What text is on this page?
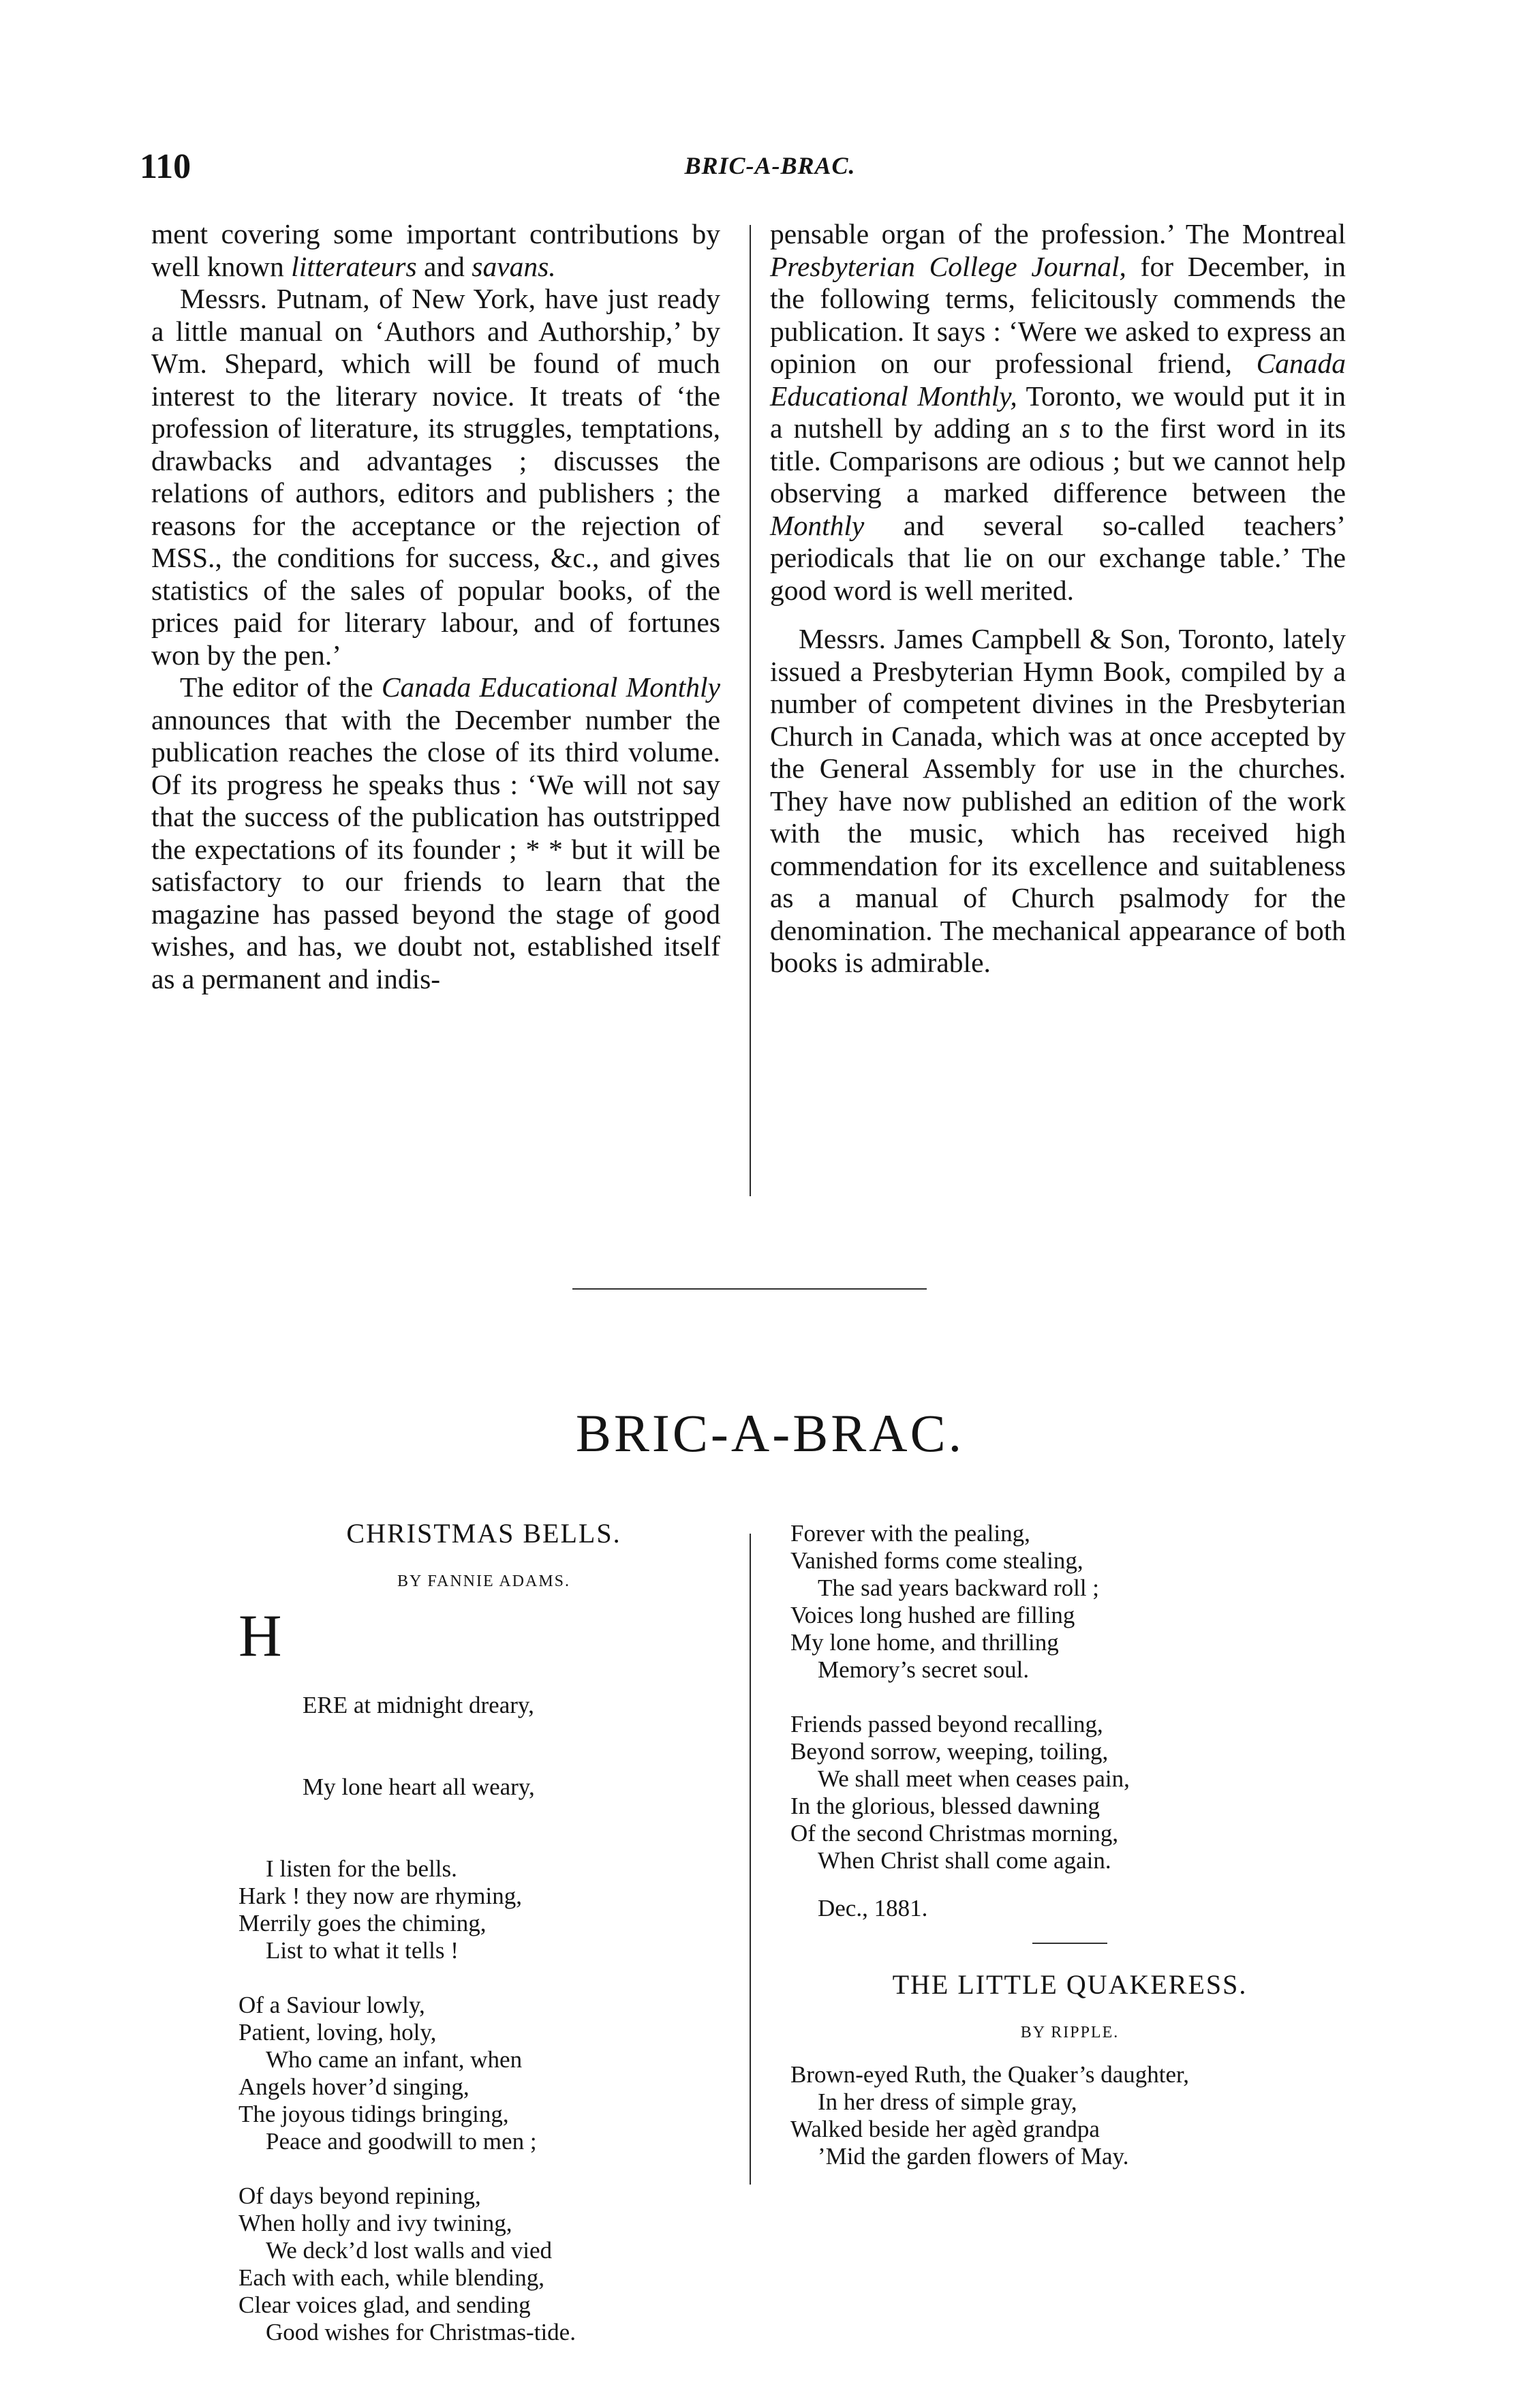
110	BRIC-A-BRAC.

ment covering some important contributions by well known litterateurs and savans.

Messrs. Putnam, of New York, have just ready a little manual on ‘Authors and Authorship,’ by Wm. Shepard, which will be found of much interest to the literary novice. It treats of ‘the profession of literature, its struggles, temptations, drawbacks and advantages ; discusses the relations of authors, editors and publishers ; the reasons for the acceptance or the rejection of MSS., the conditions for success, &c., and gives statistics of the sales of popular books, of the prices paid for literary labour, and of fortunes won by the pen.’

The editor of the Canada Educational Monthly announces that with the December number the publication reaches the close of its third volume. Of its progress he speaks thus : ‘We will not say that the success of the publication has outstripped the expectations of its founder ; * * but it will be satisfactory to our friends to learn that the magazine has passed beyond the stage of good wishes, and has, we doubt not, established itself as a permanent and indis-

pensable organ of the profession.’ The Montreal Presbyterian College Journal, for December, in the following terms, felicitously commends the publication. It says : ‘Were we asked to express an opinion on our professional friend, Canada Educational Monthly, Toronto, we would put it in a nutshell by adding an s to the first word in its title. Comparisons are odious ; but we cannot help observing a marked difference between the Monthly and several so-called teachers’ periodicals that lie on our exchange table.’ The good word is well merited.

Messrs. James Campbell & Son, Toronto, lately issued a Presbyterian Hymn Book, compiled by a number of competent divines in the Presbyterian Church in Canada, which was at once accepted by the General Assembly for use in the churches. They have now published an edition of the work with the music, which has received high commendation for its excellence and suitableness as a manual of Church psalmody for the denomination. The mechanical appearance of both books is admirable.

BRIC-A-BRAC.

CHRISTMAS BELLS.

BY FANNIE ADAMS.

H

ERE at midnight dreary,

My lone heart all weary,

I listen for the bells.
Hark ! they now are rhyming,
Merrily goes the chiming,
List to what it tells !
Of a Saviour lowly,
Patient, loving, holy,
Who came an infant, when
Angels hover’d singing,
The joyous tidings bringing,
Peace and goodwill to men ;
Of days beyond repining,
When holly and ivy twining,
We deck’d lost walls and vied
Each with each, while blending,
Clear voices glad, and sending
Good wishes for Christmas-tide.
Forever with the pealing,
Vanished forms come stealing,
The sad years backward roll ;
Voices long hushed are filling
My lone home, and thrilling
Memory’s secret soul.
Friends passed beyond recalling,
Beyond sorrow, weeping, toiling,
We shall meet when ceases pain,
In the glorious, blessed dawning
Of the second Christmas morning,
When Christ shall come again.
Dec., 1881.

THE LITTLE QUAKERESS.

BY RIPPLE.

Brown-eyed Ruth, the Quaker’s daughter,
In her dress of simple gray,
Walked beside her agèd grandpa
’Mid the garden flowers of May.
